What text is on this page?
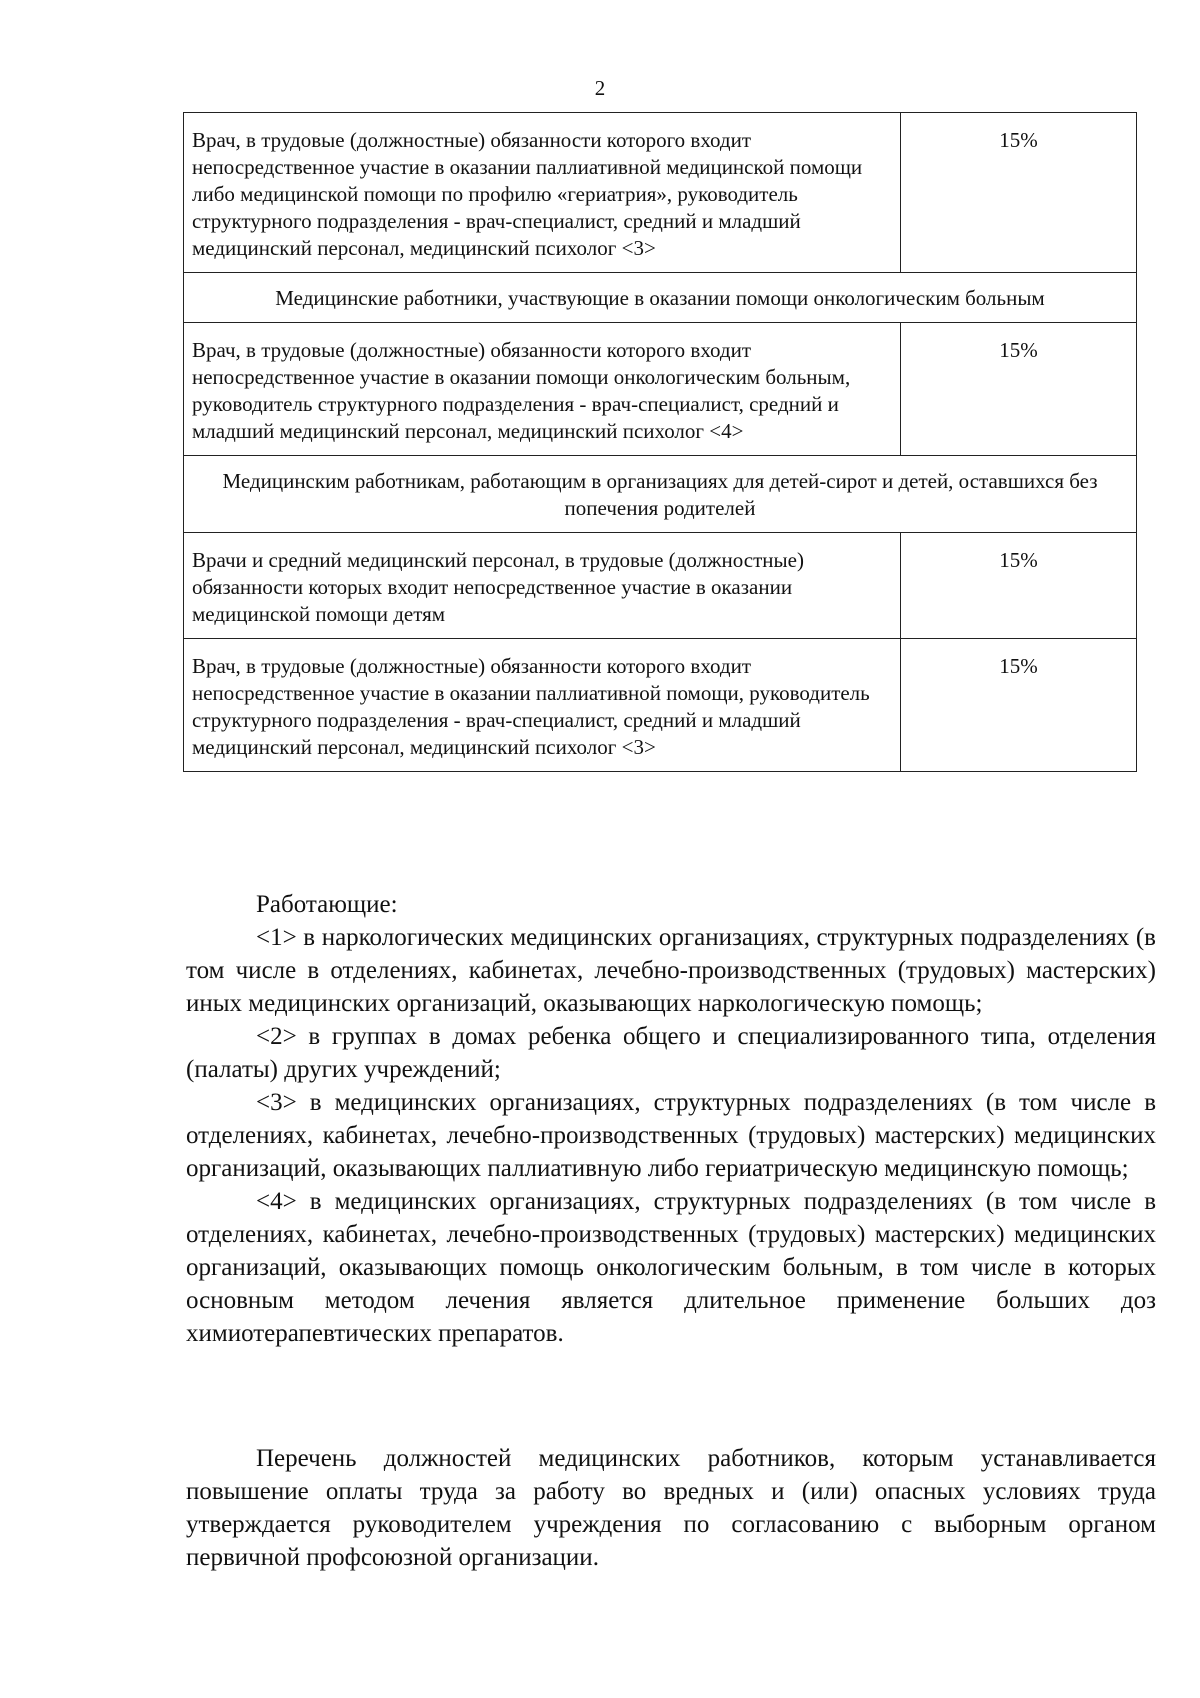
2
Врач, в трудовые (должностные) обязанности которого входит непосредственное участие в оказании паллиативной медицинской помощи либо медицинской помощи по профилю «гериатрия», руководитель структурного подразделения - врач-специалист, средний и младший медицинский персонал, медицинский психолог <3>	15%
Медицинские работники, участвующие в оказании помощи онкологическим больным	
Врач, в трудовые (должностные) обязанности которого входит непосредственное участие в оказании помощи онкологическим больным, руководитель структурного подразделения - врач-специалист, средний и младший медицинский персонал, медицинский психолог <4>	15%
Медицинским работникам, работающим в организациях для детей-сирот и детей, оставшихся без попечения родителей	
Врачи и средний медицинский персонал, в трудовые (должностные) обязанности которых входит непосредственное участие в оказании медицинской помощи детям	15%
Врач, в трудовые (должностные) обязанности которого входит непосредственное участие в оказании паллиативной помощи, руководитель структурного подразделения - врач-специалист, средний и младший медицинский персонал, медицинский психолог <3>	15%

Работающие:

<1> в наркологических медицинских организациях, структурных подразделениях (в том числе в отделениях, кабинетах, лечебно-производственных (трудовых) мастерских) иных медицинских организаций, оказывающих наркологическую помощь;

<2> в группах в домах ребенка общего и специализированного типа, отделения (палаты) других учреждений;

<3> в медицинских организациях, структурных подразделениях (в том числе в отделениях, кабинетах, лечебно-производственных (трудовых) мастерских) медицинских организаций, оказывающих паллиативную либо гериатрическую медицинскую помощь;

<4> в медицинских организациях, структурных подразделениях (в том числе в отделениях, кабинетах, лечебно-производственных (трудовых) мастерских) медицинских организаций, оказывающих помощь онкологическим больным, в том числе в которых основным методом лечения является длительное применение больших доз химиотерапевтических препаратов.

Перечень должностей медицинских работников, которым устанавливается повышение оплаты труда за работу во вредных и (или) опасных условиях труда утверждается руководителем учреждения по согласованию с выборным органом первичной профсоюзной организации.
